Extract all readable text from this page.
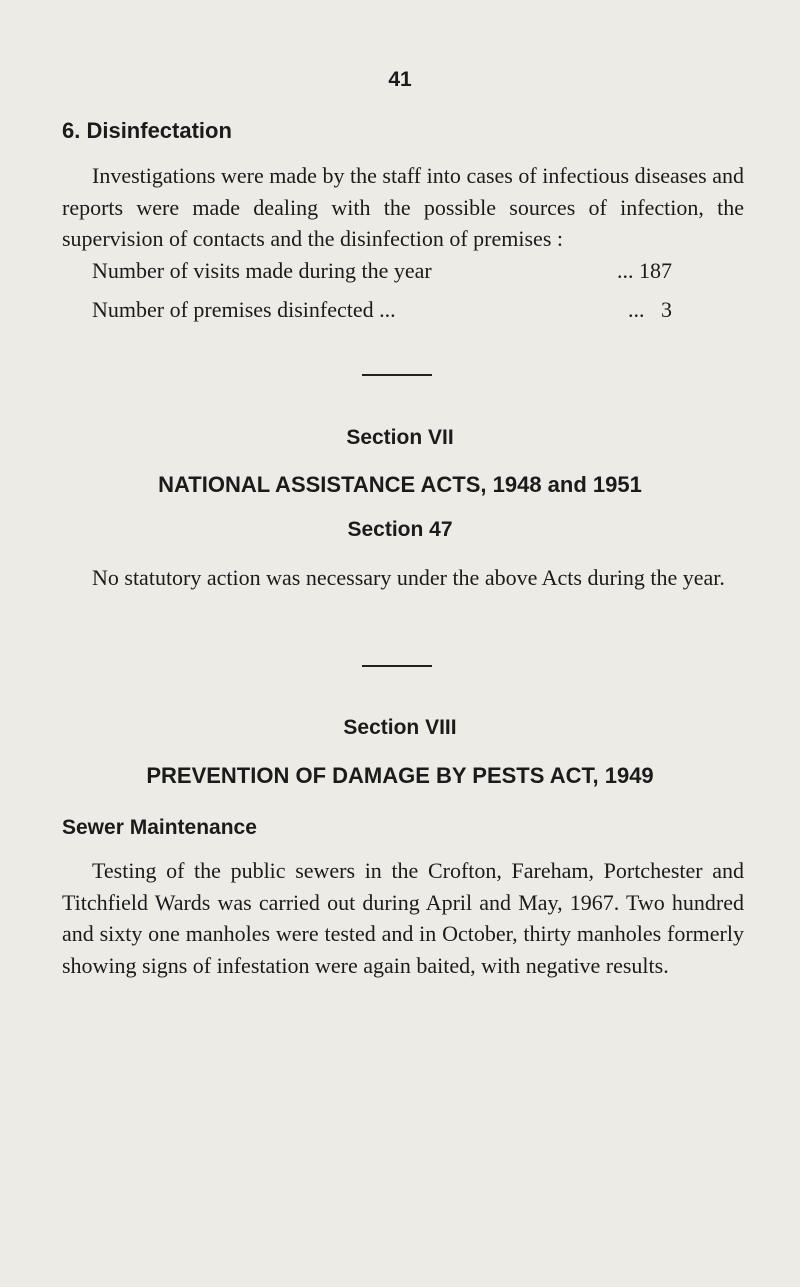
41
6. Disinfectation

Investigations were made by the staff into cases of infectious diseases and reports were made dealing with the possible sources of infection, the supervision of contacts and the disinfection of premises :

Number of visits made during the year	... 187
Number of premises disinfected ...	...   3
Section VII
NATIONAL ASSISTANCE ACTS, 1948 and 1951
Section 47

No statutory action was necessary under the above Acts during the year.

Section VIII
PREVENTION OF DAMAGE BY PESTS ACT, 1949
Sewer Maintenance

Testing of the public sewers in the Crofton, Fareham, Portchester and Titchfield Wards was carried out during April and May, 1967. Two hundred and sixty one manholes were tested and in October, thirty manholes formerly showing signs of infestation were again baited, with negative results.
